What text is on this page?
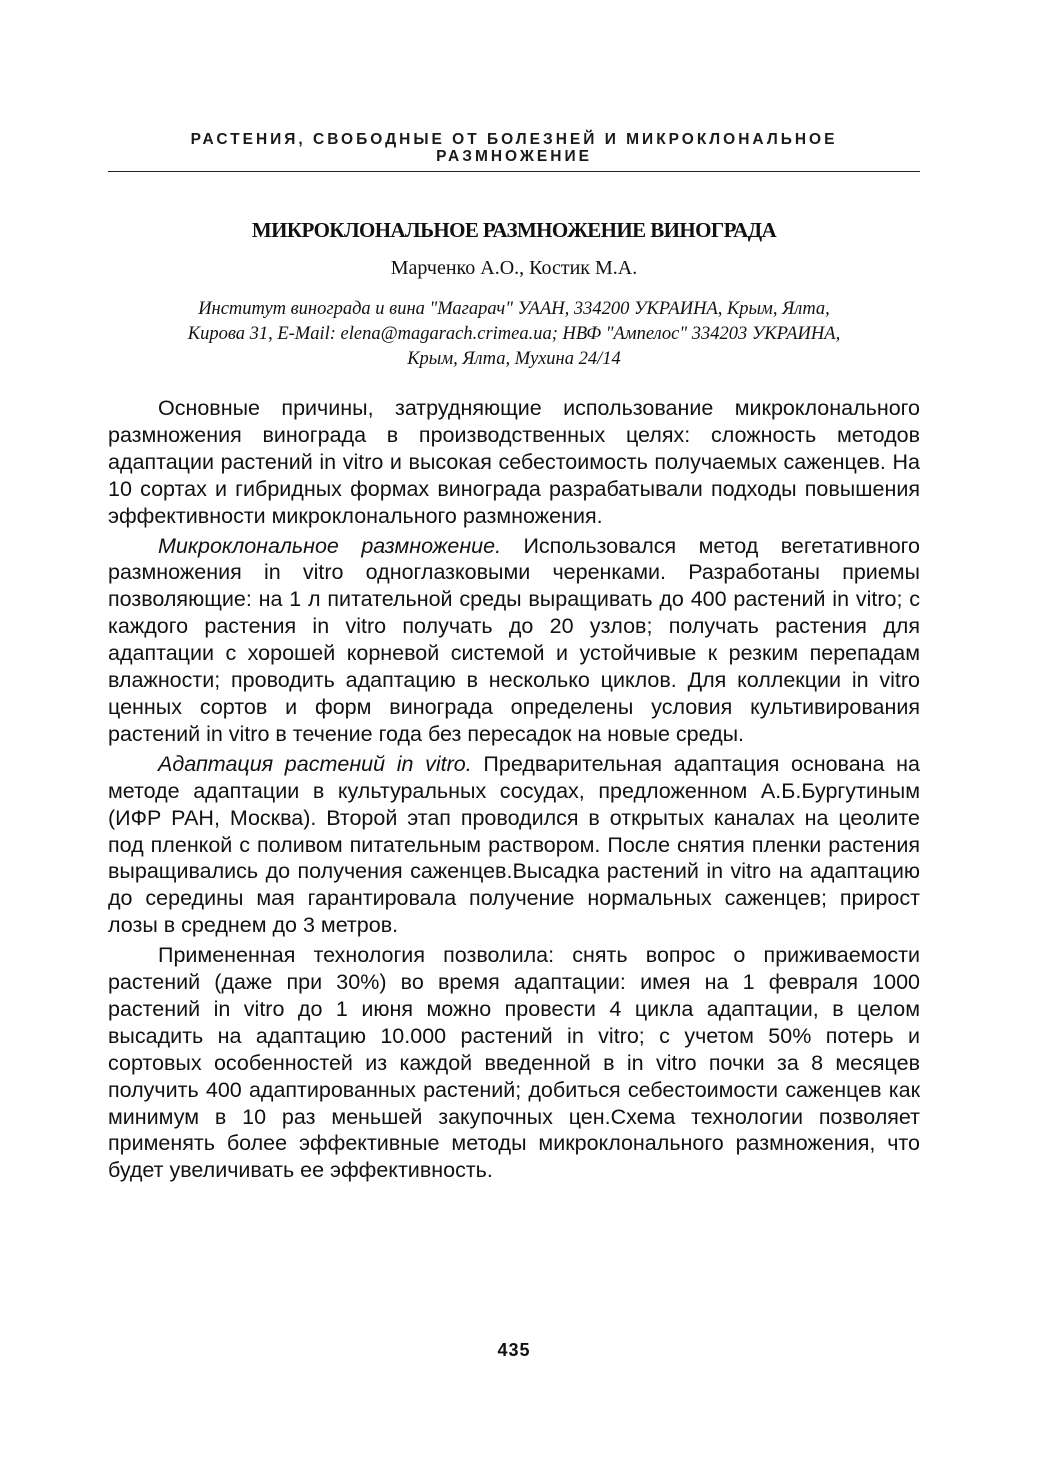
РАСТЕНИЯ, СВОБОДНЫЕ ОТ БОЛЕЗНЕЙ И МИКРОКЛОНАЛЬНОЕ
РАЗМНОЖЕНИЕ
МИКРОКЛОНАЛЬНОЕ РАЗМНОЖЕНИЕ ВИНОГРАДА
Марченко А.О., Костик М.А.
Институт винограда и вина "Магарач" УААН, 334200 УКРАИНА, Крым, Ялта,
Кирова 31, E-Mail: elena@magarach.crimea.ua; НВФ "Ампелос" 334203 УКРАИНА,
Крым, Ялта, Мухина 24/14

Основные причины, затрудняющие использование микроклонального размножения винограда в производственных целях: сложность методов адаптации растений in vitro и высокая себестоимость получаемых саженцев. На 10 сортах и гибридных формах винограда разрабатывали подходы повышения эффективности микроклонального размножения.

Микроклональное размножение. Использовался метод вегетативного размножения in vitro одноглазковыми черенками. Разработаны приемы позволяющие: на 1 л питательной среды выращивать до 400 растений in vitro; с каждого растения in vitro получать до 20 узлов; получать растения для адаптации с хорошей корневой системой и устойчивые к резким перепадам влажности; проводить адаптацию в несколько циклов. Для коллекции in vitro ценных сортов и форм винограда определены условия культивирования растений in vitro в течение года без пересадок на новые среды.

Адаптация растений in vitro. Предварительная адаптация основана на методе адаптации в культуральных сосудах, предложенном А.Б.Бургутиным (ИФР РАН, Москва). Второй этап проводился в открытых каналах на цеолите под пленкой с поливом питательным раствором. После снятия пленки растения выращивались до получения саженцев.Высадка растений in vitro на адаптацию до середины мая гарантировала получение нормальных саженцев; прирост лозы в среднем до 3 метров.

Примененная технология позволила: снять вопрос о приживаемости растений (даже при 30%) во время адаптации: имея на 1 февраля 1000 растений in vitro до 1 июня можно провести 4 цикла адаптации, в целом высадить на адаптацию 10.000 растений in vitro; с учетом 50% потерь и сортовых особенностей из каждой введенной в in vitro почки за 8 месяцев получить 400 адаптированных растений; добиться себестоимости саженцев как минимум в 10 раз меньшей закупочных цен.Схема технологии позволяет применять более эффективные методы микроклонального размножения, что будет увеличивать ее эффективность.

435
